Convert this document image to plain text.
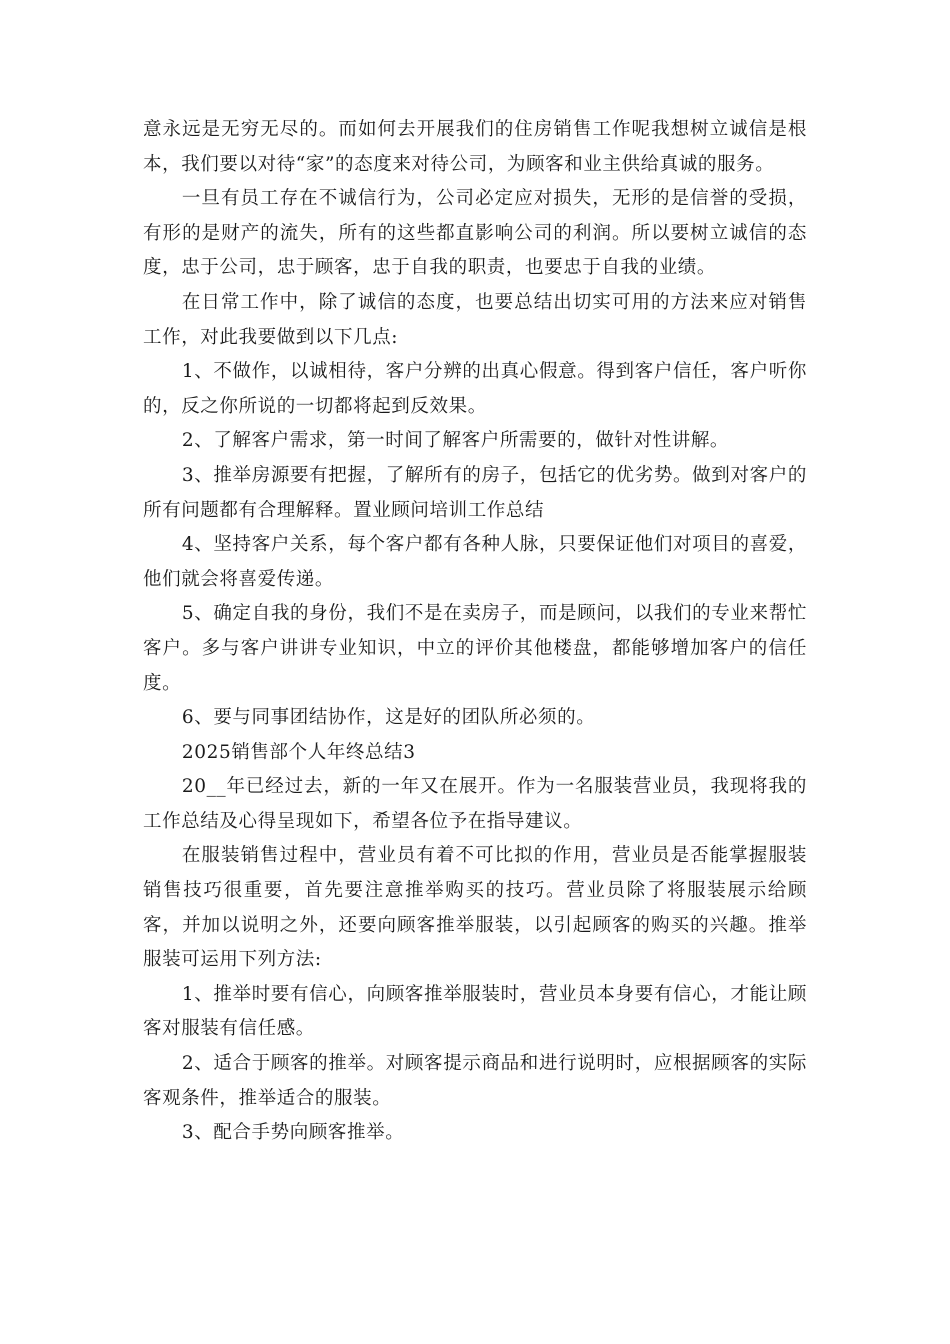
意永远是无穷无尽的。而如何去开展我们的住房销售工作呢我想树立诚信是根本，我们要以对待“家”的态度来对待公司，为顾客和业主供给真诚的服务。

一旦有员工存在不诚信行为，公司必定应对损失，无形的是信誉的受损，有形的是财产的流失，所有的这些都直影响公司的利润。所以要树立诚信的态度，忠于公司，忠于顾客，忠于自我的职责，也要忠于自我的业绩。

在日常工作中，除了诚信的态度，也要总结出切实可用的方法来应对销售工作，对此我要做到以下几点:

1、不做作，以诚相待，客户分辨的出真心假意。得到客户信任，客户听你的，反之你所说的一切都将起到反效果。

2、了解客户需求，第一时间了解客户所需要的，做针对性讲解。

3、推举房源要有把握，了解所有的房子，包括它的优劣势。做到对客户的所有问题都有合理解释。置业顾问培训工作总结

4、坚持客户关系，每个客户都有各种人脉，只要保证他们对项目的喜爱，他们就会将喜爱传递。

5、确定自我的身份，我们不是在卖房子，而是顾问，以我们的专业来帮忙客户。多与客户讲讲专业知识，中立的评价其他楼盘，都能够增加客户的信任度。

6、要与同事团结协作，这是好的团队所必须的。

2025销售部个人年终总结3

20__年已经过去，新的一年又在展开。作为一名服装营业员，我现将我的工作总结及心得呈现如下，希望各位予在指导建议。

在服装销售过程中，营业员有着不可比拟的作用，营业员是否能掌握服装销售技巧很重要，首先要注意推举购买的技巧。营业员除了将服装展示给顾客，并加以说明之外，还要向顾客推举服装，以引起顾客的购买的兴趣。推举服装可运用下列方法:

1、推举时要有信心，向顾客推举服装时，营业员本身要有信心，才能让顾客对服装有信任感。

2、适合于顾客的推举。对顾客提示商品和进行说明时，应根据顾客的实际客观条件，推举适合的服装。

3、配合手势向顾客推举。
